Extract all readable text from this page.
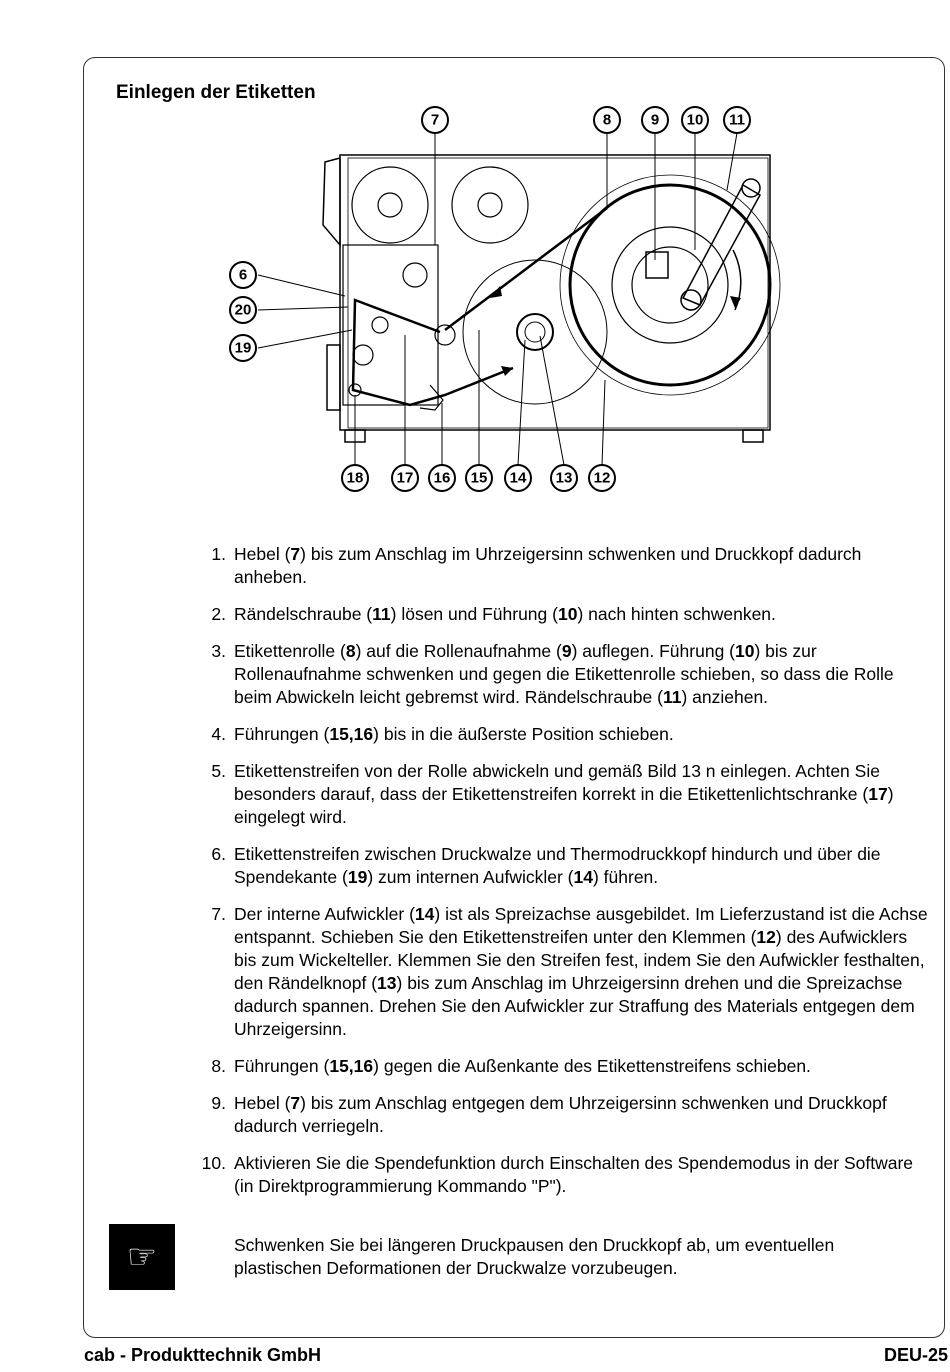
Einlegen der Etiketten
7	8	9 10 11
6
20
19
18 17 16 15 14 13 12
1. Hebel (7) bis zum Anschlag im Uhrzeigersinn schwenken und Druckkopf dadurch anheben.
2. Rändelschraube (11) lösen und Führung (10) nach hinten schwenken.
3. Etikettenrolle (8) auf die Rollenaufnahme (9) auflegen. Führung (10) bis zur Rollenaufnahme schwenken und gegen die Etikettenrolle schieben, so dass die Rolle beim Abwickeln leicht gebremst wird. Rändelschraube (11) anziehen.
4. Führungen (15,16) bis in die äußerste Position schieben.
5. Etikettenstreifen von der Rolle abwickeln und gemäß Bild 13 n einlegen. Achten Sie besonders darauf, dass der Etikettenstreifen korrekt in die Etikettenlichtschranke (17) eingelegt wird.
6. Etikettenstreifen zwischen Druckwalze und Thermodruckkopf hindurch und über die Spendekante (19) zum internen Aufwickler (14) führen.
7. Der interne Aufwickler (14) ist als Spreizachse ausgebildet. Im Lieferzustand ist die Achse entspannt. Schieben Sie den Etikettenstreifen unter den Klemmen (12) des Aufwicklers bis zum Wickelteller. Klemmen Sie den Streifen fest, indem Sie den Aufwickler festhalten, den Rändelknopf (13) bis zum Anschlag im Uhrzeigersinn drehen und die Spreizachse dadurch spannen. Drehen Sie den Aufwickler zur Straffung des Materials entgegen dem Uhrzeigersinn.
8. Führungen (15,16) gegen die Außenkante des Etikettenstreifens schieben.
9. Hebel (7) bis zum Anschlag entgegen dem Uhrzeigersinn schwenken und Druckkopf dadurch verriegeln.
10. Aktivieren Sie die Spendefunktion durch Einschalten des Spendemodus in der Software (in Direktprogrammierung Kommando "P").
☞	Schwenken Sie bei längeren Druckpausen den Druckkopf ab, um eventuellen plastischen Deformationen der Druckwalze vorzubeugen.
cab - Produkttechnik GmbH	DEU-25
